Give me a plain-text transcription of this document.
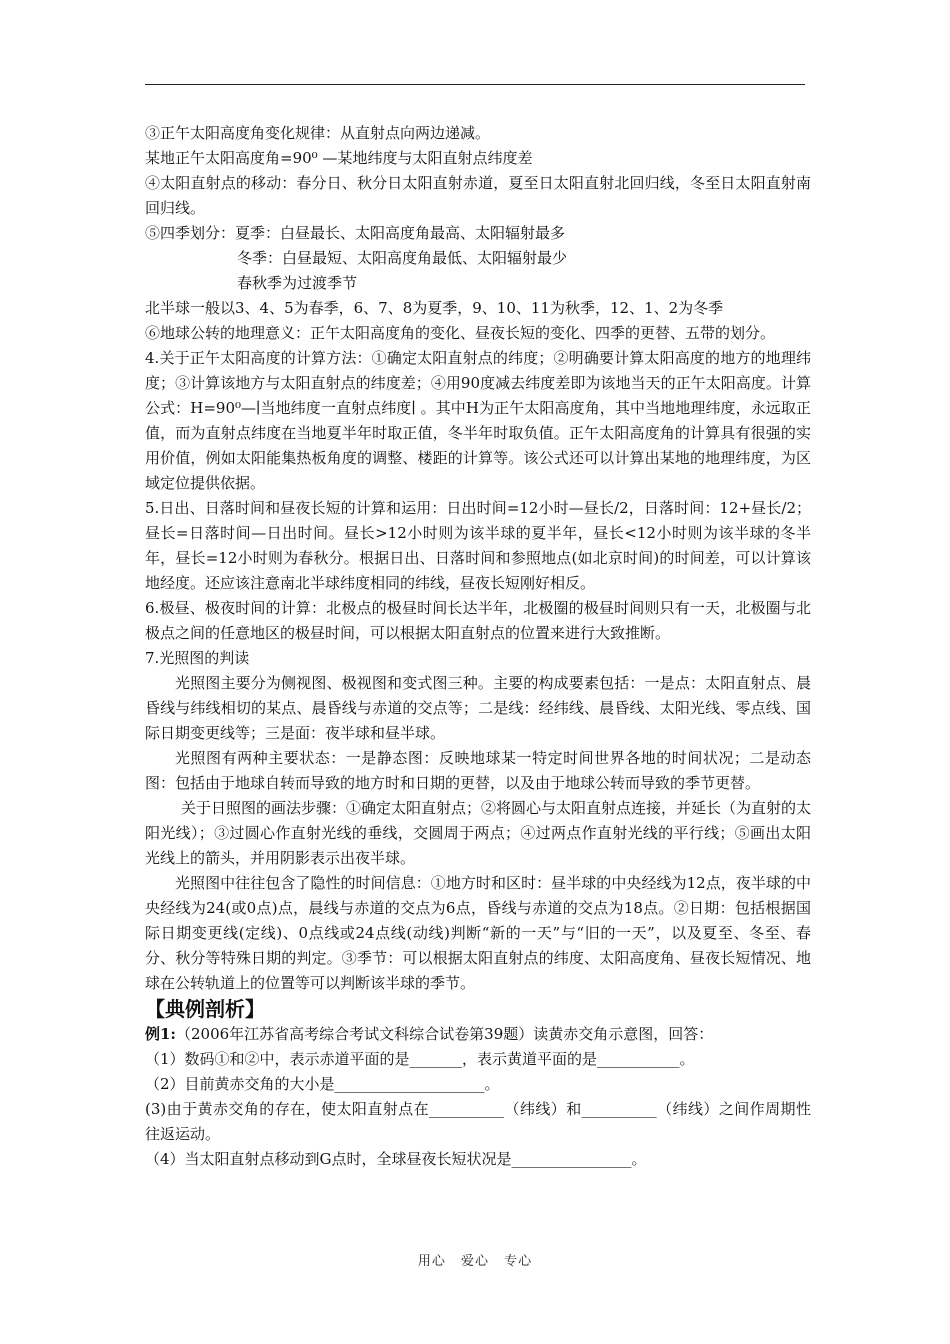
③正午太阳高度角变化规律：从直射点向两边递减。

某地正午太阳高度角=90⁰ —某地纬度与太阳直射点纬度差

④太阳直射点的移动：春分日、秋分日太阳直射赤道，夏至日太阳直射北回归线，冬至日太阳直射南回归线。

⑤四季划分：夏季：白昼最长、太阳高度角最高、太阳辐射最多

冬季：白昼最短、太阳高度角最低、太阳辐射最少

春秋季为过渡季节

北半球一般以3、4、5为春季，6、7、8为夏季，9、10、11为秋季，12、1、2为冬季

⑥地球公转的地理意义：正午太阳高度角的变化、昼夜长短的变化、四季的更替、五带的划分。

4.关于正午太阳高度的计算方法：①确定太阳直射点的纬度；②明确要计算太阳高度的地方的地理纬度；③计算该地方与太阳直射点的纬度差；④用90度减去纬度差即为该地当天的正午太阳高度。计算公式：H=90⁰—∣当地纬度一直射点纬度∣ 。其中H为正午太阳高度角，其中当地地理纬度，永远取正值，而为直射点纬度在当地夏半年时取正值，冬半年时取负值。正午太阳高度角的计算具有很强的实用价值，例如太阳能集热板角度的调整、楼距的计算等。该公式还可以计算出某地的地理纬度，为区域定位提供依据。

5.日出、日落时间和昼夜长短的计算和运用：日出时间=12小时—昼长/2，日落时间：12+昼长/2；昼长=日落时间—日出时间。昼长>12小时则为该半球的夏半年，昼长<12小时则为该半球的冬半年，昼长=12小时则为春秋分。根据日出、日落时间和参照地点(如北京时间)的时间差，可以计算该地经度。还应该注意南北半球纬度相同的纬线，昼夜长短刚好相反。

6.极昼、极夜时间的计算：北极点的极昼时间长达半年，北极圈的极昼时间则只有一天，北极圈与北极点之间的任意地区的极昼时间，可以根据太阳直射点的位置来进行大致推断。

7.光照图的判读

光照图主要分为侧视图、极视图和变式图三种。主要的构成要素包括：一是点：太阳直射点、晨昏线与纬线相切的某点、晨昏线与赤道的交点等；二是线：经纬线、晨昏线、太阳光线、零点线、国际日期变更线等；三是面：夜半球和昼半球。

光照图有两种主要状态：一是静态图：反映地球某一特定时间世界各地的时间状况；二是动态图：包括由于地球自转而导致的地方时和日期的更替，以及由于地球公转而导致的季节更替。

关于日照图的画法步骤：①确定太阳直射点；②将圆心与太阳直射点连接，并延长（为直射的太阳光线）；③过圆心作直射光线的垂线，交圆周于两点；④过两点作直射光线的平行线；⑤画出太阳光线上的箭头，并用阴影表示出夜半球。

光照图中往往包含了隐性的时间信息：①地方时和区时：昼半球的中央经线为12点，夜半球的中央经线为24(或0点)点，晨线与赤道的交点为6点，昏线与赤道的交点为18点。②日期：包括根据国际日期变更线(定线)、0点线或24点线(动线)判断“新的一天”与“旧的一天”，以及夏至、冬至、春分、秋分等特殊日期的判定。③季节：可以根据太阳直射点的纬度、太阳高度角、昼夜长短情况、地球在公转轨道上的位置等可以判断该半球的季节。

【典例剖析】

例1:（2006年江苏省高考综合考试文科综合试卷第39题）读黄赤交角示意图，回答：

（1）数码①和②中，表示赤道平面的是_______，表示黄道平面的是___________。

（2）目前黄赤交角的大小是____________________。

(3)由于黄赤交角的存在，使太阳直射点在__________（纬线）和__________（纬线）之间作周期性往返运动。

（4）当太阳直射点移动到G点时，全球昼夜长短状况是________________。

用心 爱心 专心
